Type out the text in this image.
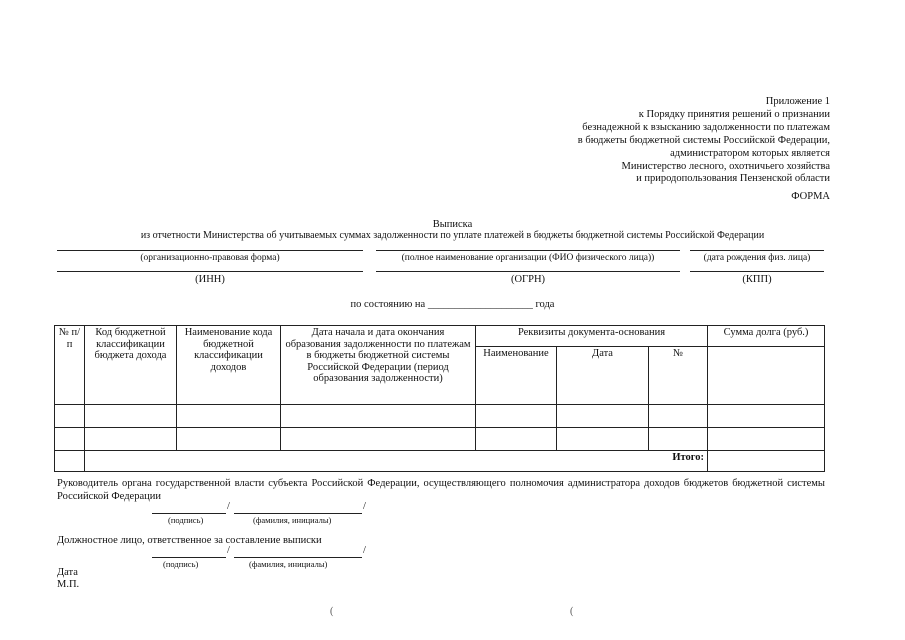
Приложение 1
к Порядку принятия решений о признании
безнадежной к взысканию задолженности по платежам
в бюджеты бюджетной системы Российской Федерации,
администратором которых является
Министерство лесного, охотничьего хозяйства
и природопользования Пензенской области
ФОРМА
Выписка
из отчетности Министерства об учитываемых суммах задолженности по уплате платежей в бюджеты бюджетной системы Российской Федерации
(организационно-правовая форма)	(полное наименование организации (ФИО физического лица))	(дата рождения физ. лица)
(ИНН)	(ОГРН)	(КПП)
по состоянию на ____________________ года
№ п/п	Код бюджетной классификации бюджета дохода	Наименование кода бюджетной классификации доходов	Дата начала и дата окончания образования задолженности по платежам в бюджеты бюджетной системы Российской Федерации (период образования задолженности)	Реквизиты документа-основания			Сумма долга (руб.)
				Наименование	Дата	№	

	Итого:						
Руководитель органа государственной власти субъекта Российской Федерации, осуществляющего полномочия администратора доходов бюджетов бюджетной системы Российской Федерации
/	/
(подпись)	(фамилия, инициалы)
Должностное лицо, ответственное за составление выписки
/	/
(подпись)	(фамилия, инициалы)
Дата
М.П.
(	(
